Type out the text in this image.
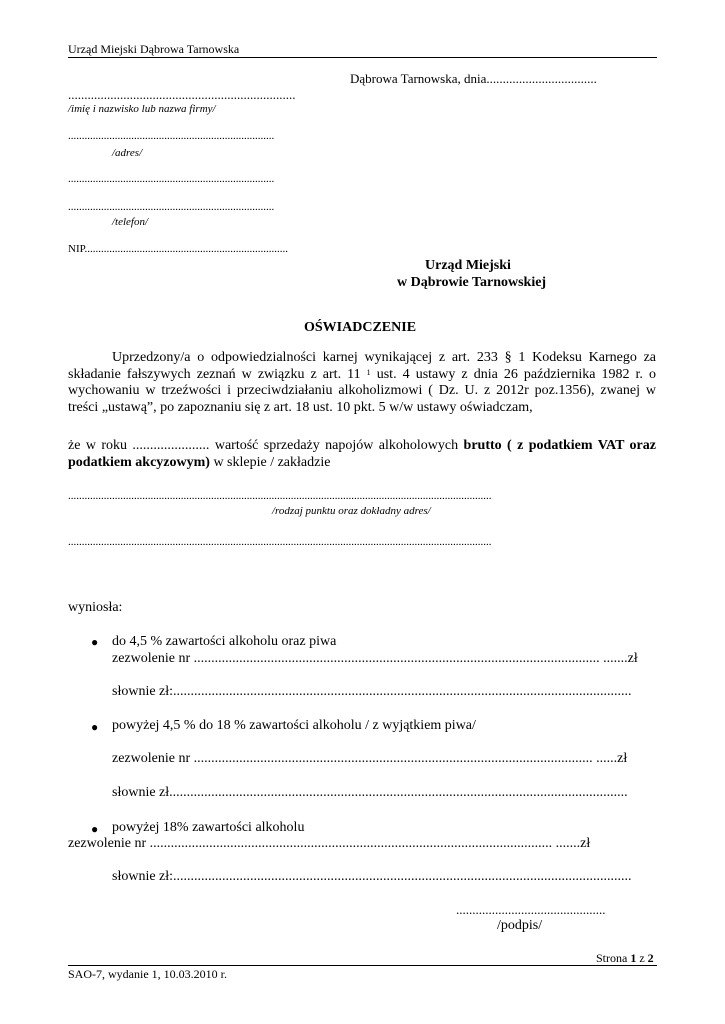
Urząd Miejski Dąbrowa Tarnowska
Dąbrowa Tarnowska, dnia..................................
......................................................................
/imię i nazwisko lub nazwa firmy/
...........................................................................
/adres/
...........................................................................
...........................................................................
/telefon/
NIP..........................................................................
Urząd Miejski
w Dąbrowie Tarnowskiej
OŚWIADCZENIE
Uprzedzony/a o odpowiedzialności karnej wynikającej z art. 233 § 1 Kodeksu Karnego za składanie fałszywych zeznań w związku z art. 11 $^1$ ust. 4 ustawy z dnia 26 października 1982 r. o wychowaniu w trzeźwości i przeciwdziałaniu alkoholizmowi ( Dz. U. z 2012r poz.1356), zwanej w treści „ustawą”, po zapoznaniu się z art. 18 ust. 10 pkt. 5 w/w ustawy oświadczam,
że w roku ...................... wartość sprzedaży napojów alkoholowych brutto ( z podatkiem VAT oraz podatkiem akcyzowym) w sklepie / zakładzie
..........................................................................................................................................................
/rodzaj punktu oraz dokładny adres/
..........................................................................................................................................................
wyniosła:
● do 4,5 % zawartości alkoholu oraz piwa
zezwolenie nr .................................................................................................................... .......zł
słownie zł:...................................................................................................................................
● powyżej 4,5 % do 18 % zawartości alkoholu / z wyjątkiem piwa/
zezwolenie nr .................................................................................................................. ......zł
słownie zł...................................................................................................................................
● powyżej 18% zawartości alkoholu
zezwolenie nr ................................................................................................................... .......zł
słownie zł:...................................................................................................................................
..............................................
/podpis/
Strona 1 z 2
SAO-7, wydanie 1, 10.03.2010 r.
